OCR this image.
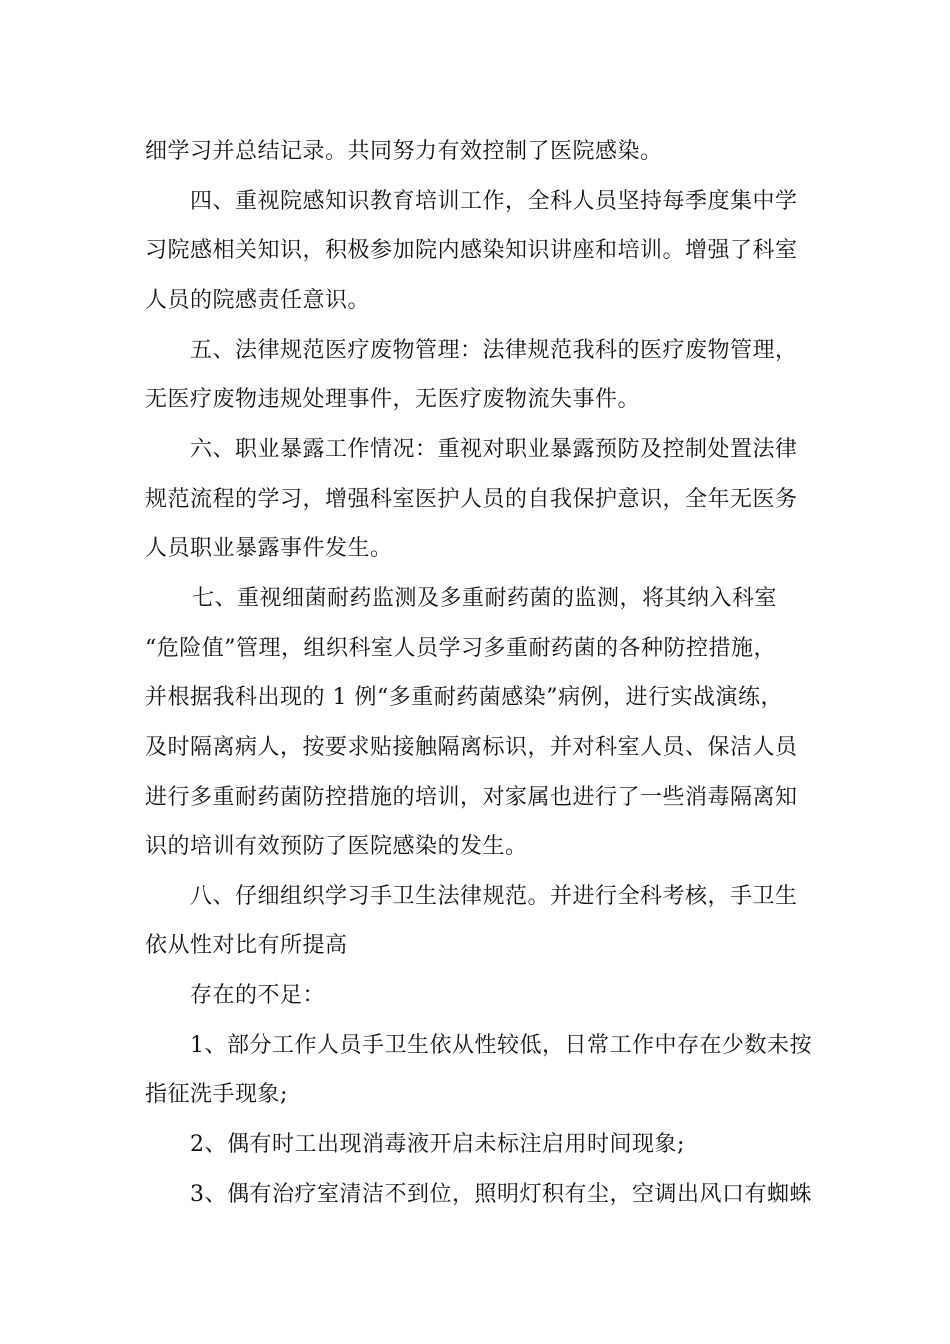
细学习并总结记录。共同努力有效控制了医院感染。
四、重视院感知识教育培训工作，全科人员坚持每季度集中学
习院感相关知识，积极参加院内感染知识讲座和培训。增强了科室
人员的院感责任意识。
五、法律规范医疗废物管理：法律规范我科的医疗废物管理，
无医疗废物违规处理事件，无医疗废物流失事件。
六、职业暴露工作情况：重视对职业暴露预防及控制处置法律
规范流程的学习，增强科室医护人员的自我保护意识，全年无医务
人员职业暴露事件发生。
七、重视细菌耐药监测及多重耐药菌的监测，将其纳入科室
“危险值”管理，组织科室人员学习多重耐药菌的各种防控措施，
并根据我科出现的 1 例“多重耐药菌感染”病例，进行实战演练，
及时隔离病人，按要求贴接触隔离标识，并对科室人员、保洁人员
进行多重耐药菌防控措施的培训，对家属也进行了一些消毒隔离知
识的培训有效预防了医院感染的发生。
八、仔细组织学习手卫生法律规范。并进行全科考核，手卫生
依从性对比有所提高
存在的不足：
1、部分工作人员手卫生依从性较低，日常工作中存在少数未按
指征洗手现象;
2、偶有时工出现消毒液开启未标注启用时间现象;
3、偶有治疗室清洁不到位，照明灯积有尘，空调出风口有蜘蛛
